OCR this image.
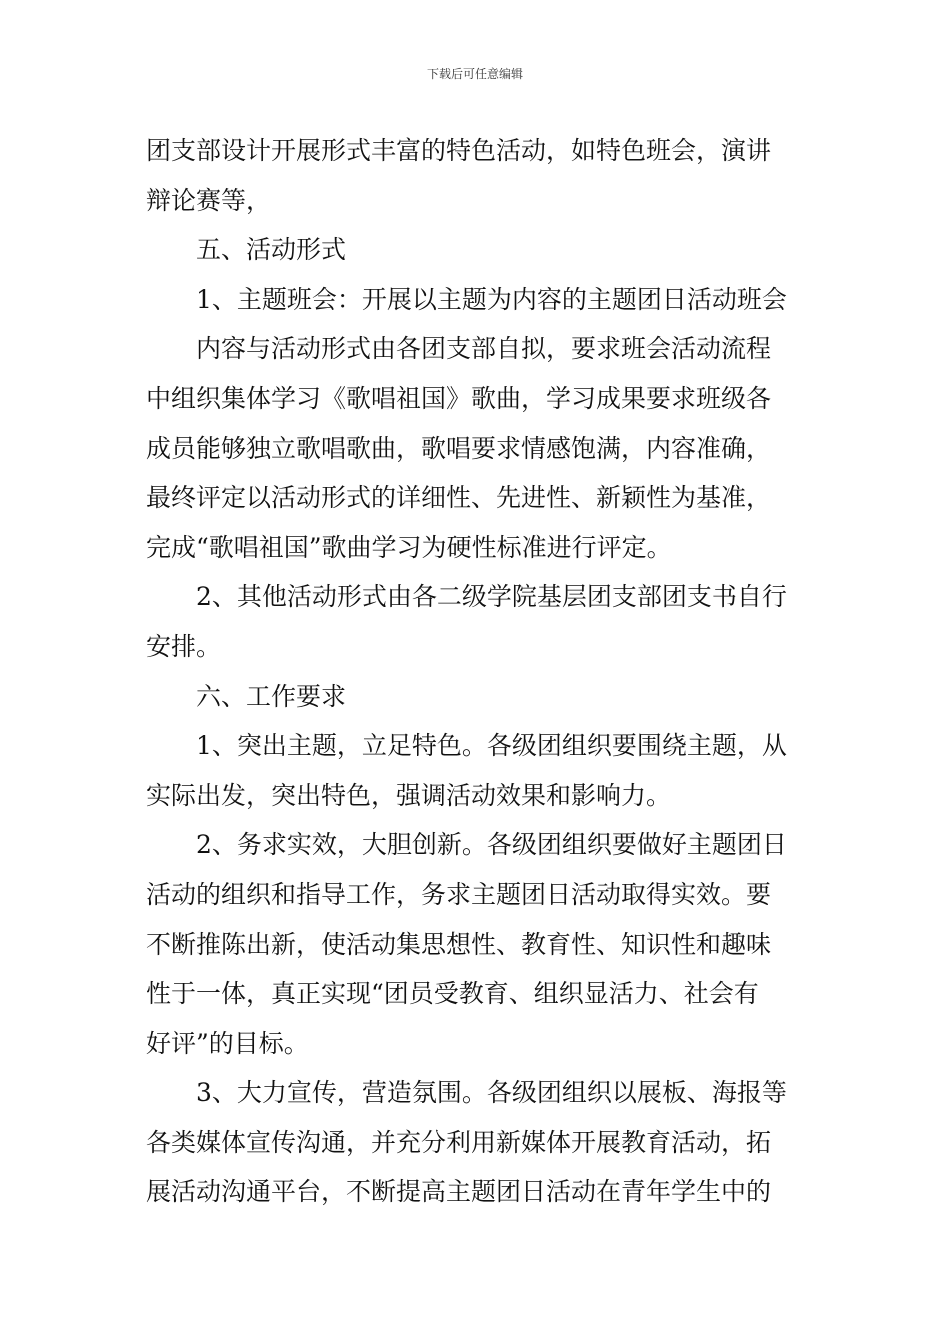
下载后可任意编辑
团支部设计开展形式丰富的特色活动，如特色班会，演讲
辩论赛等，
五、活动形式
1、主题班会：开展以主题为内容的主题团日活动班会
内容与活动形式由各团支部自拟，要求班会活动流程
中组织集体学习《歌唱祖国》歌曲，学习成果要求班级各
成员能够独立歌唱歌曲，歌唱要求情感饱满，内容准确，
最终评定以活动形式的详细性、先进性、新颖性为基准，
完成“歌唱祖国”歌曲学习为硬性标准进行评定。
2、其他活动形式由各二级学院基层团支部团支书自行
安排。
六、工作要求
1、突出主题，立足特色。各级团组织要围绕主题，从
实际出发，突出特色，强调活动效果和影响力。
2、务求实效，大胆创新。各级团组织要做好主题团日
活动的组织和指导工作，务求主题团日活动取得实效。要
不断推陈出新，使活动集思想性、教育性、知识性和趣味
性于一体，真正实现“团员受教育、组织显活力、社会有
好评”的目标。
3、大力宣传，营造氛围。各级团组织以展板、海报等
各类媒体宣传沟通，并充分利用新媒体开展教育活动，拓
展活动沟通平台，不断提高主题团日活动在青年学生中的
